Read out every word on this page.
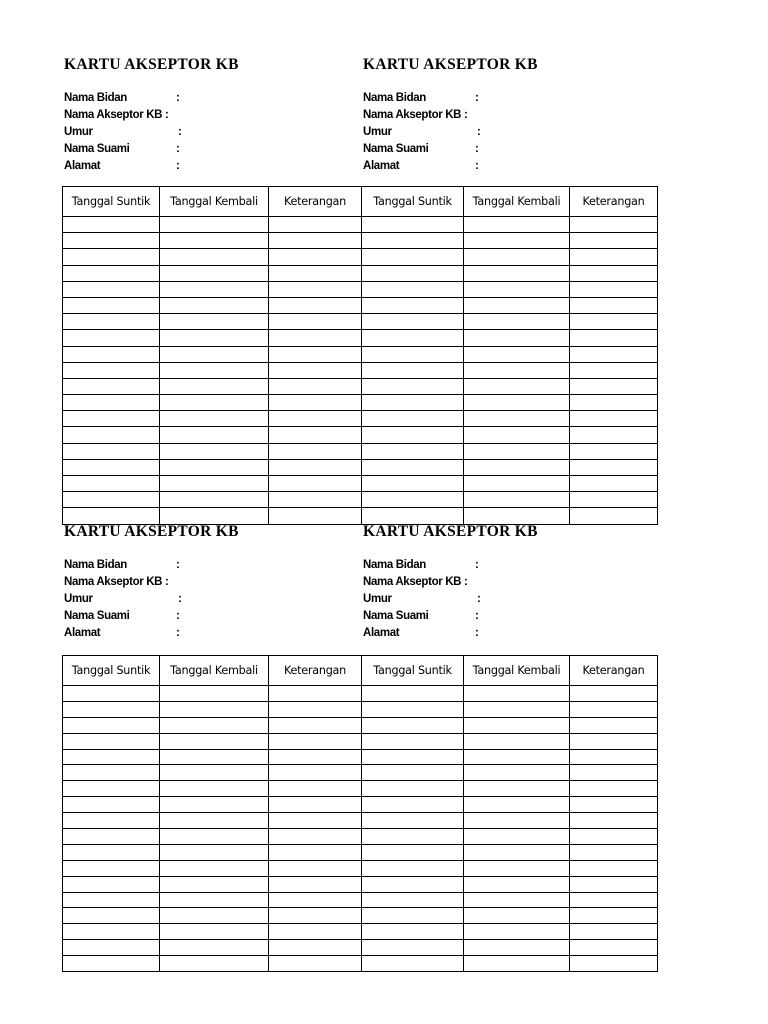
KARTU AKSEPTOR KB	KARTU AKSEPTOR KB
Nama Bidan	:
Nama Akseptor KB :
Umur	:
Nama Suami	:
Alamat	:
Nama Bidan	:
Nama Akseptor KB :
Umur	:
Nama Suami	:
Alamat	:
Tanggal Suntik	Tanggal Kembali	Keterangan	Tanggal Suntik	Tanggal Kembali	Keterangan

KARTU AKSEPTOR KB	KARTU AKSEPTOR KB
Nama Bidan	:
Nama Akseptor KB :
Umur	:
Nama Suami	:
Alamat	:
Nama Bidan	:
Nama Akseptor KB :
Umur	:
Nama Suami	:
Alamat	:
Tanggal Suntik	Tanggal Kembali	Keterangan	Tanggal Suntik	Tanggal Kembali	Keterangan
